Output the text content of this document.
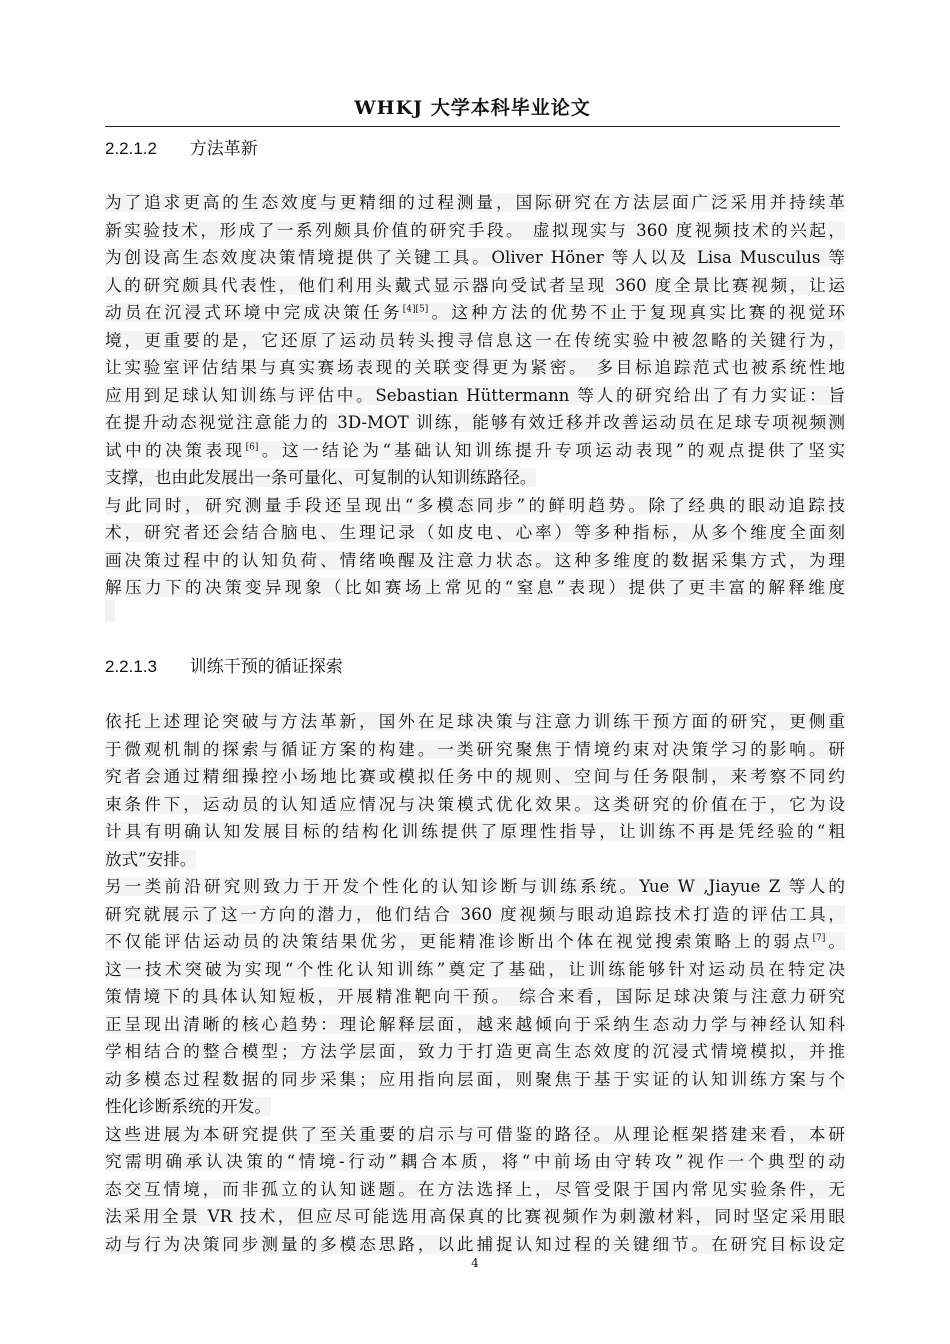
WHKJ 大学本科毕业论文
2.2.1.2 方法革新
为了追求更高的生态效度与更精细的过程测量，国际研究在方法层面广泛采用并持续革
新实验技术，形成了一系列颇具价值的研究手段。 虚拟现实与 360 度视频技术的兴起，
为创设高生态效度决策情境提供了关键工具。Oliver Höner 等人以及 Lisa Musculus 等
人的研究颇具代表性，他们利用头戴式显示器向受试者呈现 360 度全景比赛视频，让运
动员在沉浸式环境中完成决策任务[4][5]。这种方法的优势不止于复现真实比赛的视觉环
境，更重要的是，它还原了运动员转头搜寻信息这一在传统实验中被忽略的关键行为，
让实验室评估结果与真实赛场表现的关联变得更为紧密。 多目标追踪范式也被系统性地
应用到足球认知训练与评估中。Sebastian Hüttermann 等人的研究给出了有力实证：旨
在提升动态视觉注意能力的 3D-MOT 训练，能够有效迁移并改善运动员在足球专项视频测
试中的决策表现[6]。这一结论为“基础认知训练提升专项运动表现”的观点提供了坚实
支撑，也由此发展出一条可量化、可复制的认知训练路径。
与此同时，研究测量手段还呈现出“多模态同步”的鲜明趋势。除了经典的眼动追踪技
术，研究者还会结合脑电、生理记录（如皮电、心率）等多种指标，从多个维度全面刻
画决策过程中的认知负荷、情绪唤醒及注意力状态。这种多维度的数据采集方式，为理
解压力下的决策变异现象（比如赛场上常见的“窒息”表现）提供了更丰富的解释维度
2.2.1.3 训练干预的循证探索
依托上述理论突破与方法革新，国外在足球决策与注意力训练干预方面的研究，更侧重
于微观机制的探索与循证方案的构建。一类研究聚焦于情境约束对决策学习的影响。研
究者会通过精细操控小场地比赛或模拟任务中的规则、空间与任务限制，来考察不同约
束条件下，运动员的认知适应情况与决策模式优化效果。这类研究的价值在于，它为设
计具有明确认知发展目标的结构化训练提供了原理性指导，让训练不再是凭经验的“粗
放式”安排。
另一类前沿研究则致力于开发个性化的认知诊断与训练系统。Yue W ,Jiayue Z 等人的
研究就展示了这一方向的潜力，他们结合 360 度视频与眼动追踪技术打造的评估工具，
不仅能评估运动员的决策结果优劣，更能精准诊断出个体在视觉搜索策略上的弱点[7]。
这一技术突破为实现“个性化认知训练”奠定了基础，让训练能够针对运动员在特定决
策情境下的具体认知短板，开展精准靶向干预。 综合来看，国际足球决策与注意力研究
正呈现出清晰的核心趋势：理论解释层面，越来越倾向于采纳生态动力学与神经认知科
学相结合的整合模型；方法学层面，致力于打造更高生态效度的沉浸式情境模拟，并推
动多模态过程数据的同步采集；应用指向层面，则聚焦于基于实证的认知训练方案与个
性化诊断系统的开发。
这些进展为本研究提供了至关重要的启示与可借鉴的路径。从理论框架搭建来看，本研
究需明确承认决策的“情境-行动”耦合本质，将“中前场由守转攻”视作一个典型的动
态交互情境，而非孤立的认知谜题。在方法选择上，尽管受限于国内常见实验条件，无
法采用全景 VR 技术，但应尽可能选用高保真的比赛视频作为刺激材料，同时坚定采用眼
动与行为决策同步测量的多模态思路，以此捕捉认知过程的关键细节。在研究目标设定
4
